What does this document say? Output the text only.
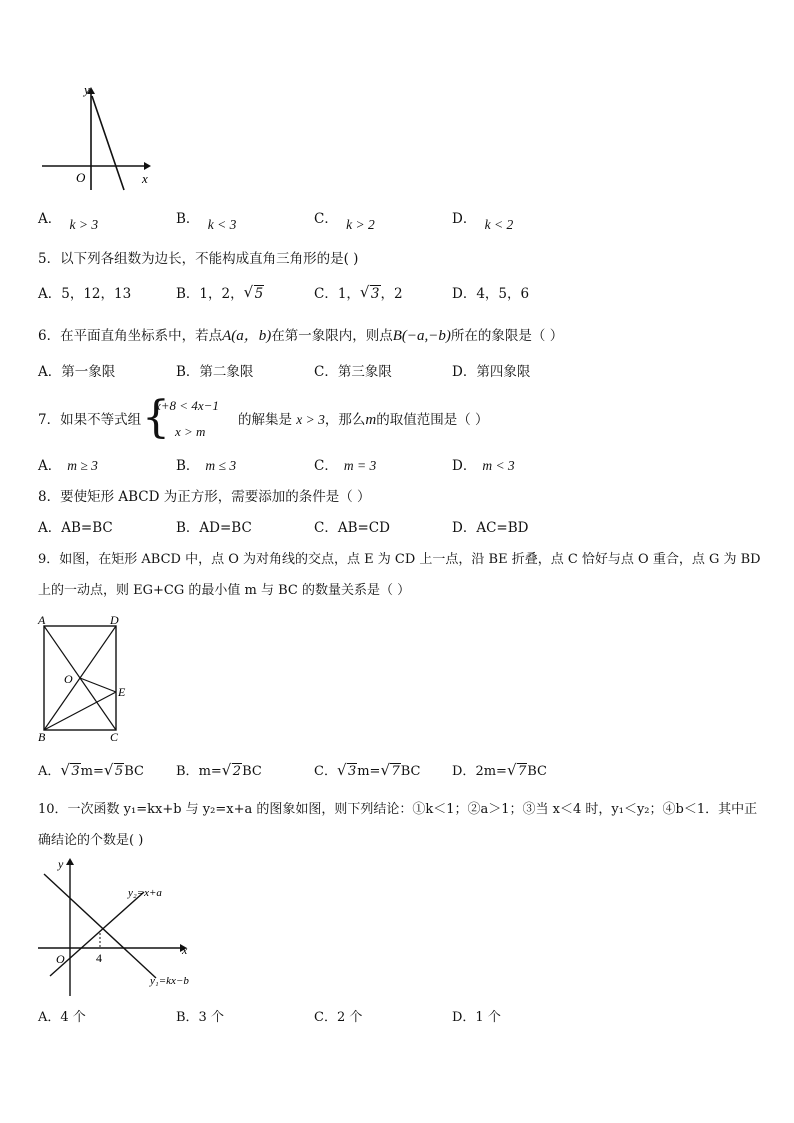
y
x
O
A． k > 3	B． k < 3	C． k > 2	D． k < 2
5．以下列各组数为边长，不能构成直角三角形的是( )
A．5，12，13	B．1，2， √ 5	C．1， √ 3，2	D．4，5，6
6．在平面直角坐标系中，若点A(a，b)在第一象限内，则点B(−a,−b)所在的象限是（ ）
A．第一象限	B．第二象限	C．第三象限	D．第四象限
7．如果不等式组 {
x+8 < 4x−1
x > m
的解集是 x > 3，那么m的取值范围是（ ）
A． m ≥ 3	B． m ≤ 3	C． m = 3	D． m < 3
8．要使矩形 ABCD 为正方形，需要添加的条件是（ ）
A．AB=BC	B．AD=BC	C．AB=CD	D．AC=BD
9．如图，在矩形 ABCD 中，点 O 为对角线的交点，点 E 为 CD 上一点，沿 BE 折叠，点 C 恰好与点 O 重合，点 G 为 BD
上的一动点，则 EG+CG 的最小值 m 与 BC 的数量关系是（ ）
A	D
O
E
B	C
A． √ 3m= √ 5BC B．m= √ 2BC	C． √ 3m= √ 7BC D．2m= √ 7BC
10．一次函数 y₁=kx+b 与 y₂=x+a 的图象如图，则下列结论：①k＜1；②a＞1；③当 x＜4 时，y₁＜y₂；④b＜1．其中正
确结论的个数是( )
y
x
O	4
y₂=x+a
y₁=kx−b
A．4 个	B．3 个	C．2 个	D．1 个
